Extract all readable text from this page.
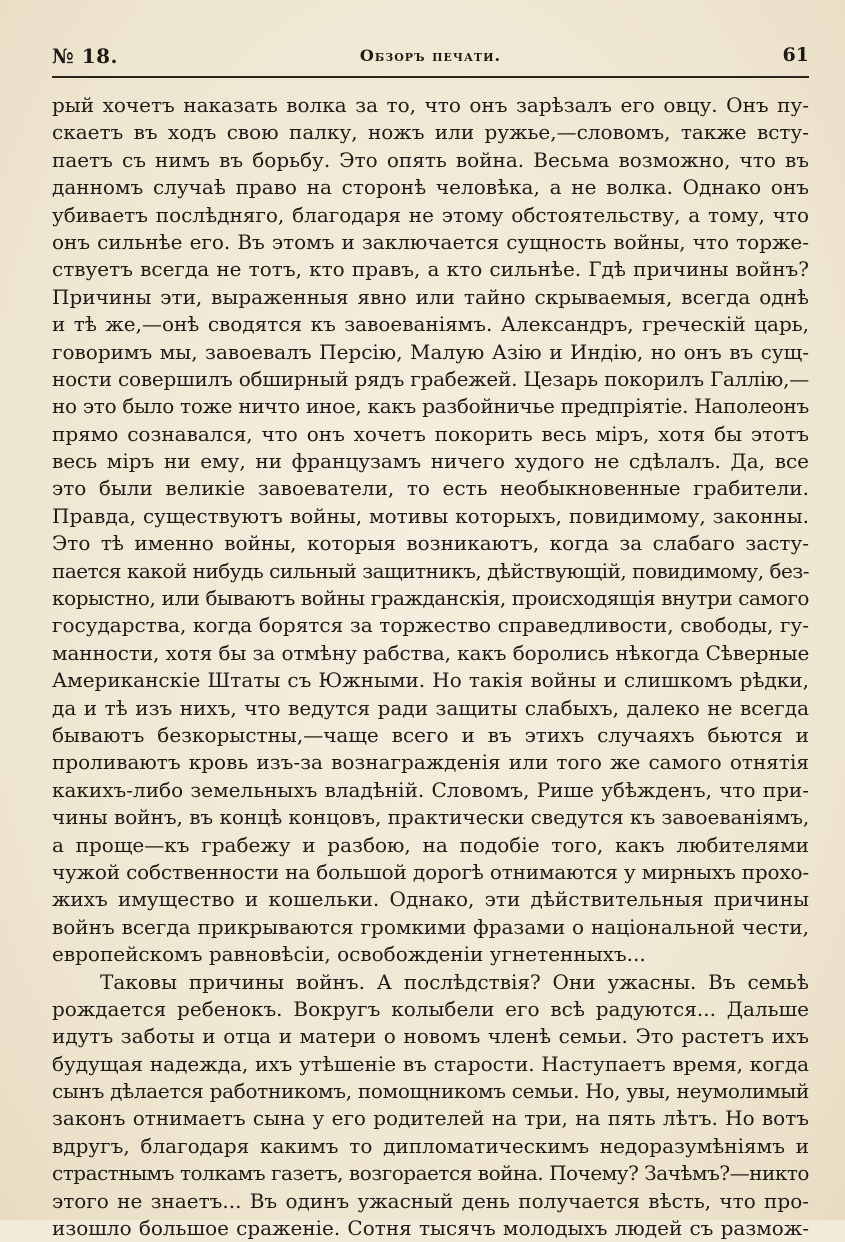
№ 18.	Обзоръ печати.	61
рый хочетъ наказать волка за то, что онъ зарѣзалъ его овцу. Онъ пу-
скаетъ въ ходъ свою палку, ножъ или ружье,—словомъ, также всту-
паетъ съ нимъ въ борьбу. Это опять война. Весьма возможно, что въ
данномъ случаѣ право на сторонѣ человѣка, а не волка. Однако онъ
убиваетъ послѣдняго, благодаря не этому обстоятельству, а тому, что
онъ сильнѣе его. Въ этомъ и заключается сущность войны, что торже-
ствуетъ всегда не тотъ, кто правъ, а кто сильнѣе. Гдѣ причины войнъ?
Причины эти, выраженныя явно или тайно скрываемыя, всегда однѣ
и тѣ же,—онѣ сводятся къ завоеваніямъ. Александръ, греческій царь,
говоримъ мы, завоевалъ Персію, Малую Азію и Индію, но онъ въ сущ-
ности совершилъ обширный рядъ грабежей. Цезарь покорилъ Галлію,—
но это было тоже ничто иное, какъ разбойничье предпріятіе. Наполеонъ
прямо сознавался, что онъ хочетъ покорить весь міръ, хотя бы этотъ
весь міръ ни ему, ни французамъ ничего худого не сдѣлалъ. Да, все
это были великіе завоеватели, то есть необыкновенные грабители.
Правда, существуютъ войны, мотивы которыхъ, повидимому, законны.
Это тѣ именно войны, которыя возникаютъ, когда за слабаго засту-
пается какой нибудь сильный защитникъ, дѣйствующій, повидимому, без-
корыстно, или бываютъ войны гражданскія, происходящія внутри самого
государства, когда борятся за торжество справедливости, свободы, гу-
манности, хотя бы за отмѣну рабства, какъ боролись нѣкогда Сѣверные
Американскіе Штаты съ Южными. Но такія войны и слишкомъ рѣдки,
да и тѣ изъ нихъ, что ведутся ради защиты слабыхъ, далеко не всегда
бываютъ безкорыстны,—чаще всего и въ этихъ случаяхъ бьются и
проливаютъ кровь изъ-за вознагражденія или того же самого отнятія
какихъ-либо земельныхъ владѣній. Словомъ, Рише убѣжденъ, что при-
чины войнъ, въ концѣ концовъ, практически сведутся къ завоеваніямъ,
а проще—къ грабежу и разбою, на подобіе того, какъ любителями
чужой собственности на большой дорогѣ отнимаются у мирныхъ прохо-
жихъ имущество и кошельки. Однако, эти дѣйствительныя причины
войнъ всегда прикрываются громкими фразами о національной чести,
европейскомъ равновѣсіи, освобожденіи угнетенныхъ...
Таковы причины войнъ. А послѣдствія? Они ужасны. Въ семьѣ
рождается ребенокъ. Вокругъ колыбели его всѣ радуются... Дальше
идутъ заботы и отца и матери о новомъ членѣ семьи. Это растетъ ихъ
будущая надежда, ихъ утѣшеніе въ старости. Наступаетъ время, когда
сынъ дѣлается работникомъ, помощникомъ семьи. Но, увы, неумолимый
законъ отнимаетъ сына у его родителей на три, на пять лѣтъ. Но вотъ
вдругъ, благодаря какимъ то дипломатическимъ недоразумѣніямъ и
страстнымъ толкамъ газетъ, возгорается война. Почему? Зачѣмъ?—никто
этого не знаетъ... Въ одинъ ужасный день получается вѣсть, что про-
изошло большое сраженіе. Сотня тысячъ молодыхъ людей съ размож-
